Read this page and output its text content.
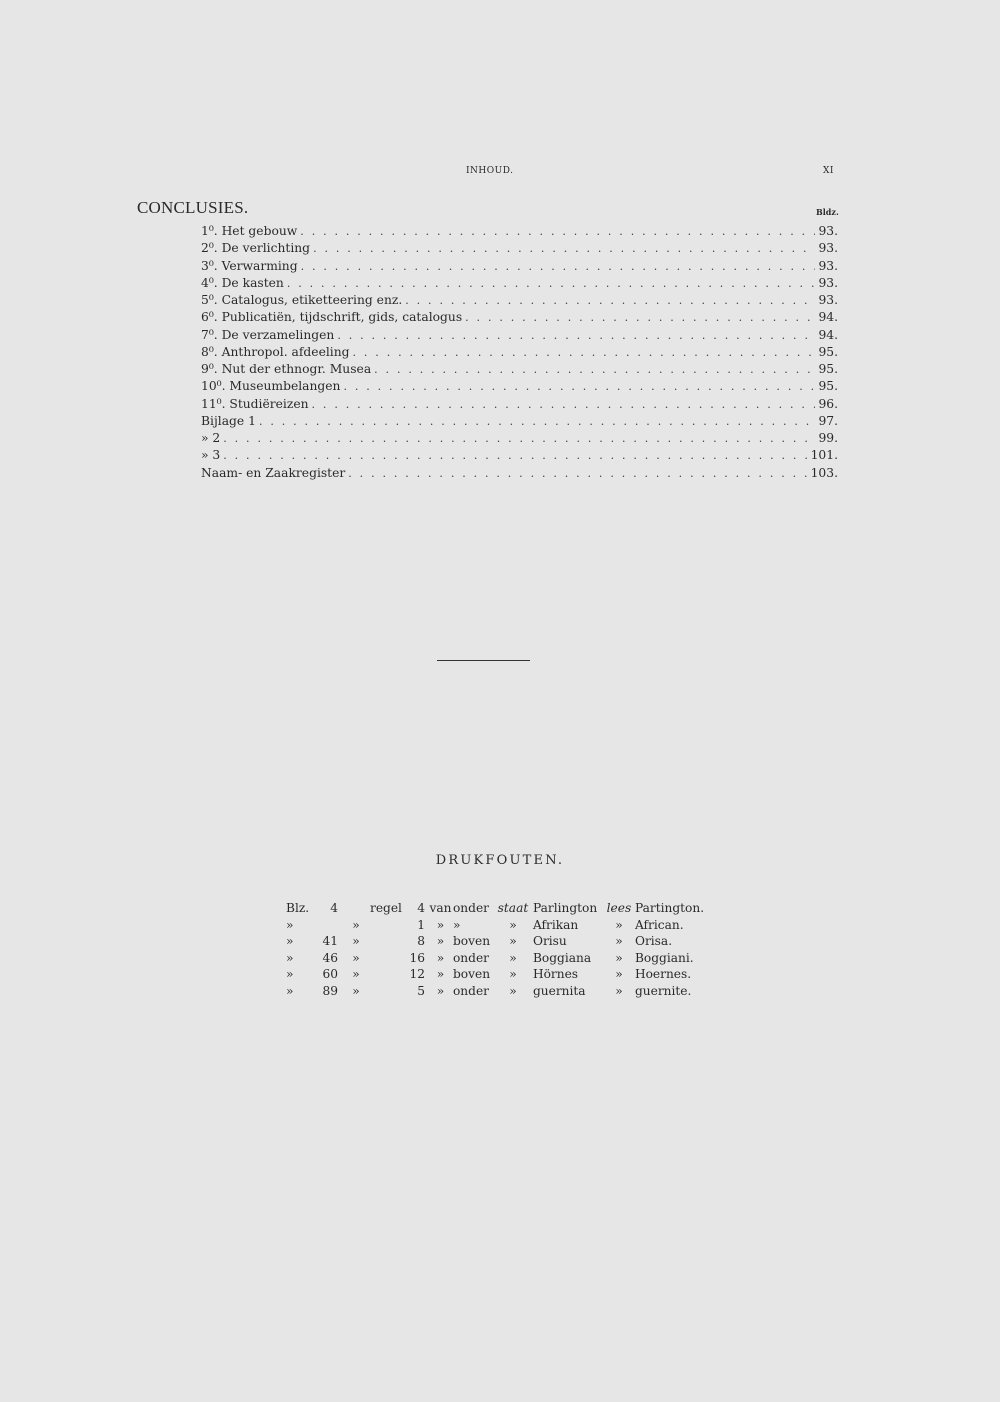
INHOUD.	XI
CONCLUSIES.	Bldz.
1⁰. Het gebouw . . .	93.
2⁰. De verlichting . . .	93.
3⁰. Verwarming . . .	93.
4⁰. De kasten . . .	93.
5⁰. Catalogus, etiketteering enz. . . .	93.
6⁰. Publicatiën, tijdschrift, gids, catalogus . . .	94.
7⁰. De verzamelingen . . .	94.
8⁰. Anthropol. afdeeling . . .	95.
9⁰. Nut der ethnogr. Musea . . .	95.
10⁰. Museumbelangen . . .	95.
11⁰. Studiëreizen . . .	96.
Bijlage 1 . . .	97.
» 2 . . .	99.
» 3 . . .	101.
Naam- en Zaakregister . . .	103.
DRUKFOUTEN.
Blz.	4		regel	4	van	onder	staat	Parlington	lees	Partington.
»		»		1	»	»	»	Afrikan	»	African.
»	41	»		8	»	boven	»	Orisu	»	Orisa.
»	46	»		16	»	onder	»	Boggiana	»	Boggiani.
»	60	»		12	»	boven	»	Hörnes	»	Hoernes.
»	89	»		5	»	onder	»	guernita	»	guernite.
